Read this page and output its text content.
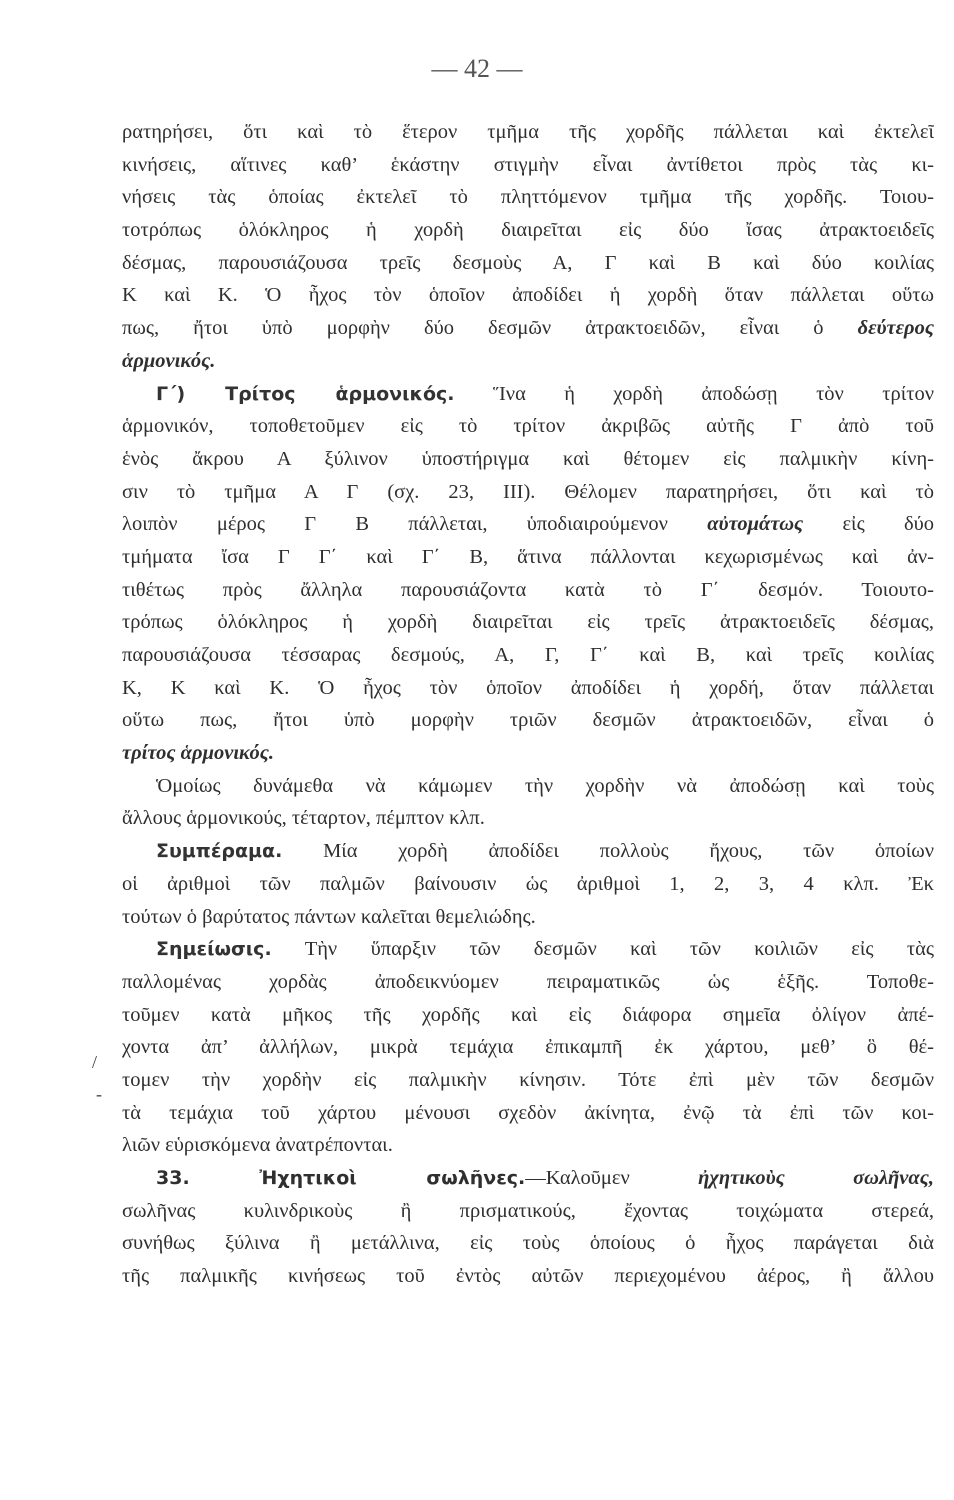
— 42 —
/
-
ρατηρήσει, ὅτι καὶ τὸ ἕτερον τμῆμα τῆς χορδῆς πάλλεται καὶ ἐκτελεῖ
κινήσεις, αἵτινες καθ’ ἑκάστην στιγμὴν εἶναι ἀντίθετοι πρὸς τὰς κι-
νήσεις τὰς ὁποίας ἐκτελεῖ τὸ πληττόμενον τμῆμα τῆς χορδῆς. Τοιου-
τοτρόπως ὁλόκληρος ἡ χορδὴ διαιρεῖται εἰς δύο ἴσας ἀτρακτοειδεῖς
δέσμας, παρουσιάζουσα τρεῖς δεσμοὺς Α, Γ καὶ Β καὶ δύο κοιλίας
Κ καὶ Κ. Ὁ ἦχος τὸν ὁποῖον ἀποδίδει ἡ χορδὴ ὅταν πάλλεται οὕτω
πως, ἤτοι ὑπὸ μορφὴν δύο δεσμῶν ἀτρακτοειδῶν, εἶναι ὁ δεύτερος
ἁρμονικός.
Γ΄) Τρίτος ἁρμονικός. Ἵνα ἡ χορδὴ ἀποδώσῃ τὸν τρίτον
ἁρμονικόν, τοποθετοῦμεν εἰς τὸ τρίτον ἀκριβῶς αὐτῆς Γ ἀπὸ τοῦ
ἑνὸς ἄκρου Α ξύλινον ὑποστήριγμα καὶ θέτομεν εἰς παλμικὴν κίνη-
σιν τὸ τμῆμα Α Γ (σχ. 23, ΙΙΙ). Θέλομεν παρατηρήσει, ὅτι καὶ τὸ
λοιπὸν μέρος Γ Β πάλλεται, ὑποδιαιρούμενον αὐτομάτως εἰς δύο
τμήματα ἴσα Γ Γ΄ καὶ Γ΄ Β, ἅτινα πάλλονται κεχωρισμένως καὶ ἀν-
τιθέτως πρὸς ἄλληλα παρουσιάζοντα κατὰ τὸ Γ΄ δεσμόν. Τοιουτο-
τρόπως ὁλόκληρος ἡ χορδὴ διαιρεῖται εἰς τρεῖς ἀτρακτοειδεῖς δέσμας,
παρουσιάζουσα τέσσαρας δεσμούς, Α, Γ, Γ΄ καὶ Β, καὶ τρεῖς κοιλίας
Κ, Κ καὶ Κ. Ὁ ἦχος τὸν ὁποῖον ἀποδίδει ἡ χορδή, ὅταν πάλλεται
οὕτω πως, ἤτοι ὑπὸ μορφὴν τριῶν δεσμῶν ἀτρακτοειδῶν, εἶναι ὁ
τρίτος ἁρμονικός.
Ὁμοίως δυνάμεθα νὰ κάμωμεν τὴν χορδὴν νὰ ἀποδώσῃ καὶ τοὺς
ἄλλους ἁρμονικούς, τέταρτον, πέμπτον κλπ.
Συμπέραμα. Μία χορδὴ ἀποδίδει πολλοὺς ἤχους, τῶν ὁποίων
οἱ ἀριθμοὶ τῶν παλμῶν βαίνουσιν ὡς ἀριθμοὶ 1, 2, 3, 4 κλπ. Ἐκ
τούτων ὁ βαρύτατος πάντων καλεῖται θεμελιώδης.
Σημείωσις. Τὴν ὕπαρξιν τῶν δεσμῶν καὶ τῶν κοιλιῶν εἰς τὰς
παλλομένας χορδὰς ἀποδεικνύομεν πειραματικῶς ὡς ἑξῆς. Τοποθε-
τοῦμεν κατὰ μῆκος τῆς χορδῆς καὶ εἰς διάφορα σημεῖα ὀλίγον ἀπέ-
χοντα ἀπ’ ἀλλήλων, μικρὰ τεμάχια ἐπικαμπῆ ἐκ χάρτου, μεθ’ ὃ θέ-
τομεν τὴν χορδὴν εἰς παλμικὴν κίνησιν. Τότε ἐπὶ μὲν τῶν δεσμῶν
τὰ τεμάχια τοῦ χάρτου μένουσι σχεδὸν ἀκίνητα, ἐνῷ τὰ ἐπὶ τῶν κοι-
λιῶν εὑρισκόμενα ἀνατρέπονται.
33. Ἠχητικοὶ σωλῆνες.—Καλοῦμεν	ἠχητικοὺς σωλῆνας,
σωλῆνας κυλινδρικοὺς ἢ πρισματικούς, ἔχοντας τοιχώματα στερεά,
συνήθως ξύλινα ἢ μετάλλινα, εἰς τοὺς ὁποίους ὁ ἦχος παράγεται διὰ
τῆς παλμικῆς κινήσεως τοῦ ἐντὸς αὐτῶν περιεχομένου ἀέρος, ἢ ἄλλου
